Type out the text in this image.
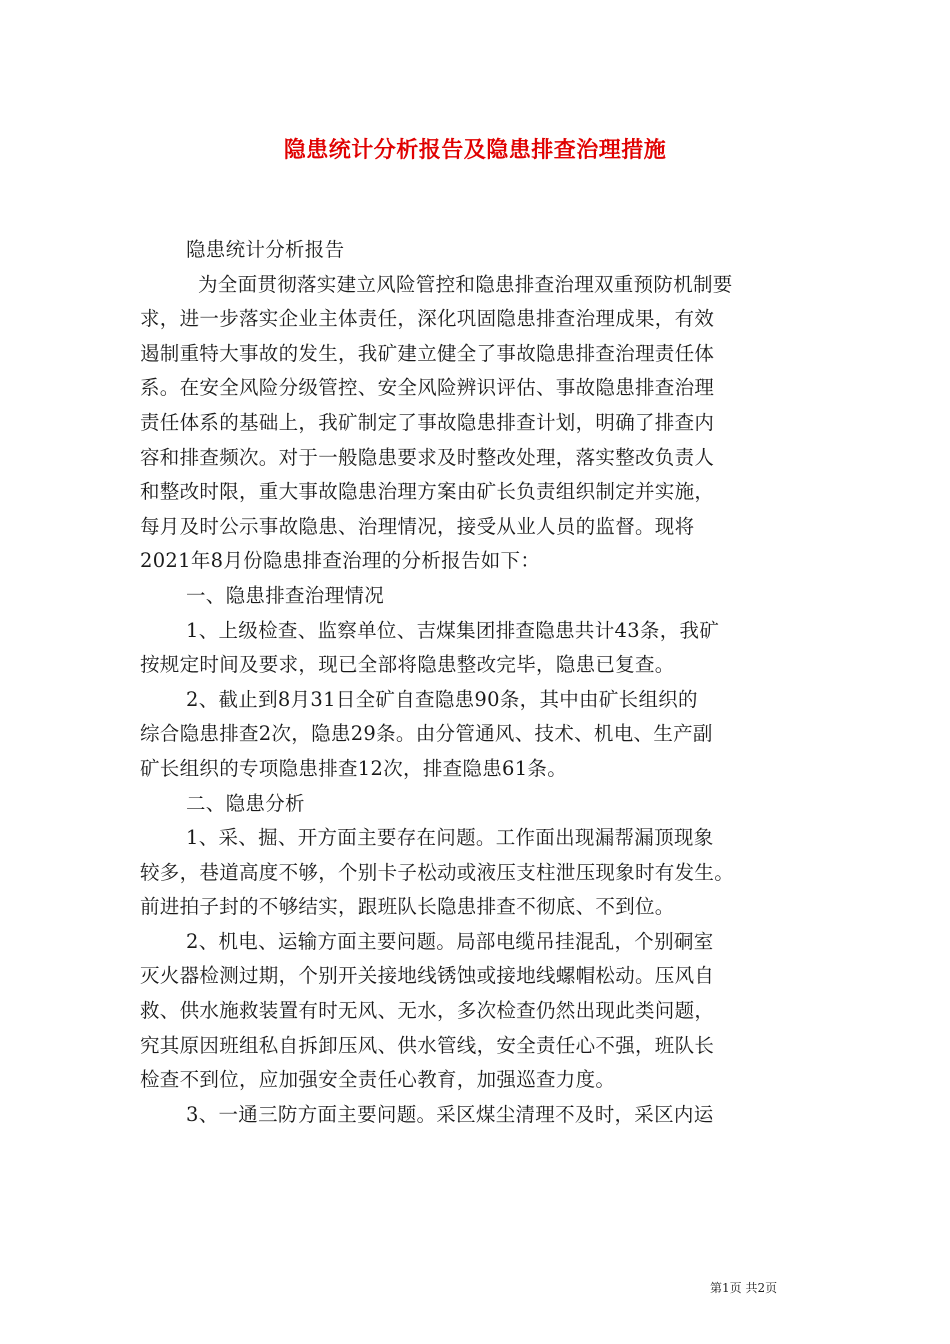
隐患统计分析报告及隐患排查治理措施
隐患统计分析报告
为全面贯彻落实建立风险管控和隐患排查治理双重预防机制要
求，进一步落实企业主体责任，深化巩固隐患排查治理成果，有效
遏制重特大事故的发生，我矿建立健全了事故隐患排查治理责任体
系。在安全风险分级管控、安全风险辨识评估、事故隐患排查治理
责任体系的基础上，我矿制定了事故隐患排查计划，明确了排查内
容和排查频次。对于一般隐患要求及时整改处理，落实整改负责人
和整改时限，重大事故隐患治理方案由矿长负责组织制定并实施，
每月及时公示事故隐患、治理情况，接受从业人员的监督。现将
2021年8月份隐患排查治理的分析报告如下：
一、隐患排查治理情况
1、上级检查、监察单位、吉煤集团排查隐患共计43条，我矿
按规定时间及要求，现已全部将隐患整改完毕，隐患已复查。
2、截止到8月31日全矿自查隐患90条，其中由矿长组织的
综合隐患排查2次，隐患29条。由分管通风、技术、机电、生产副
矿长组织的专项隐患排查12次，排查隐患61条。
二、隐患分析
1、采、掘、开方面主要存在问题。工作面出现漏帮漏顶现象
较多，巷道高度不够，个别卡子松动或液压支柱泄压现象时有发生。
前进拍子封的不够结实，跟班队长隐患排查不彻底、不到位。
2、机电、运输方面主要问题。局部电缆吊挂混乱，个别硐室
灭火器检测过期，个别开关接地线锈蚀或接地线螺帽松动。压风自
救、供水施救装置有时无风、无水，多次检查仍然出现此类问题，
究其原因班组私自拆卸压风、供水管线，安全责任心不强，班队长
检查不到位，应加强安全责任心教育，加强巡查力度。
3、一通三防方面主要问题。采区煤尘清理不及时，采区内运
第1页 共2页
